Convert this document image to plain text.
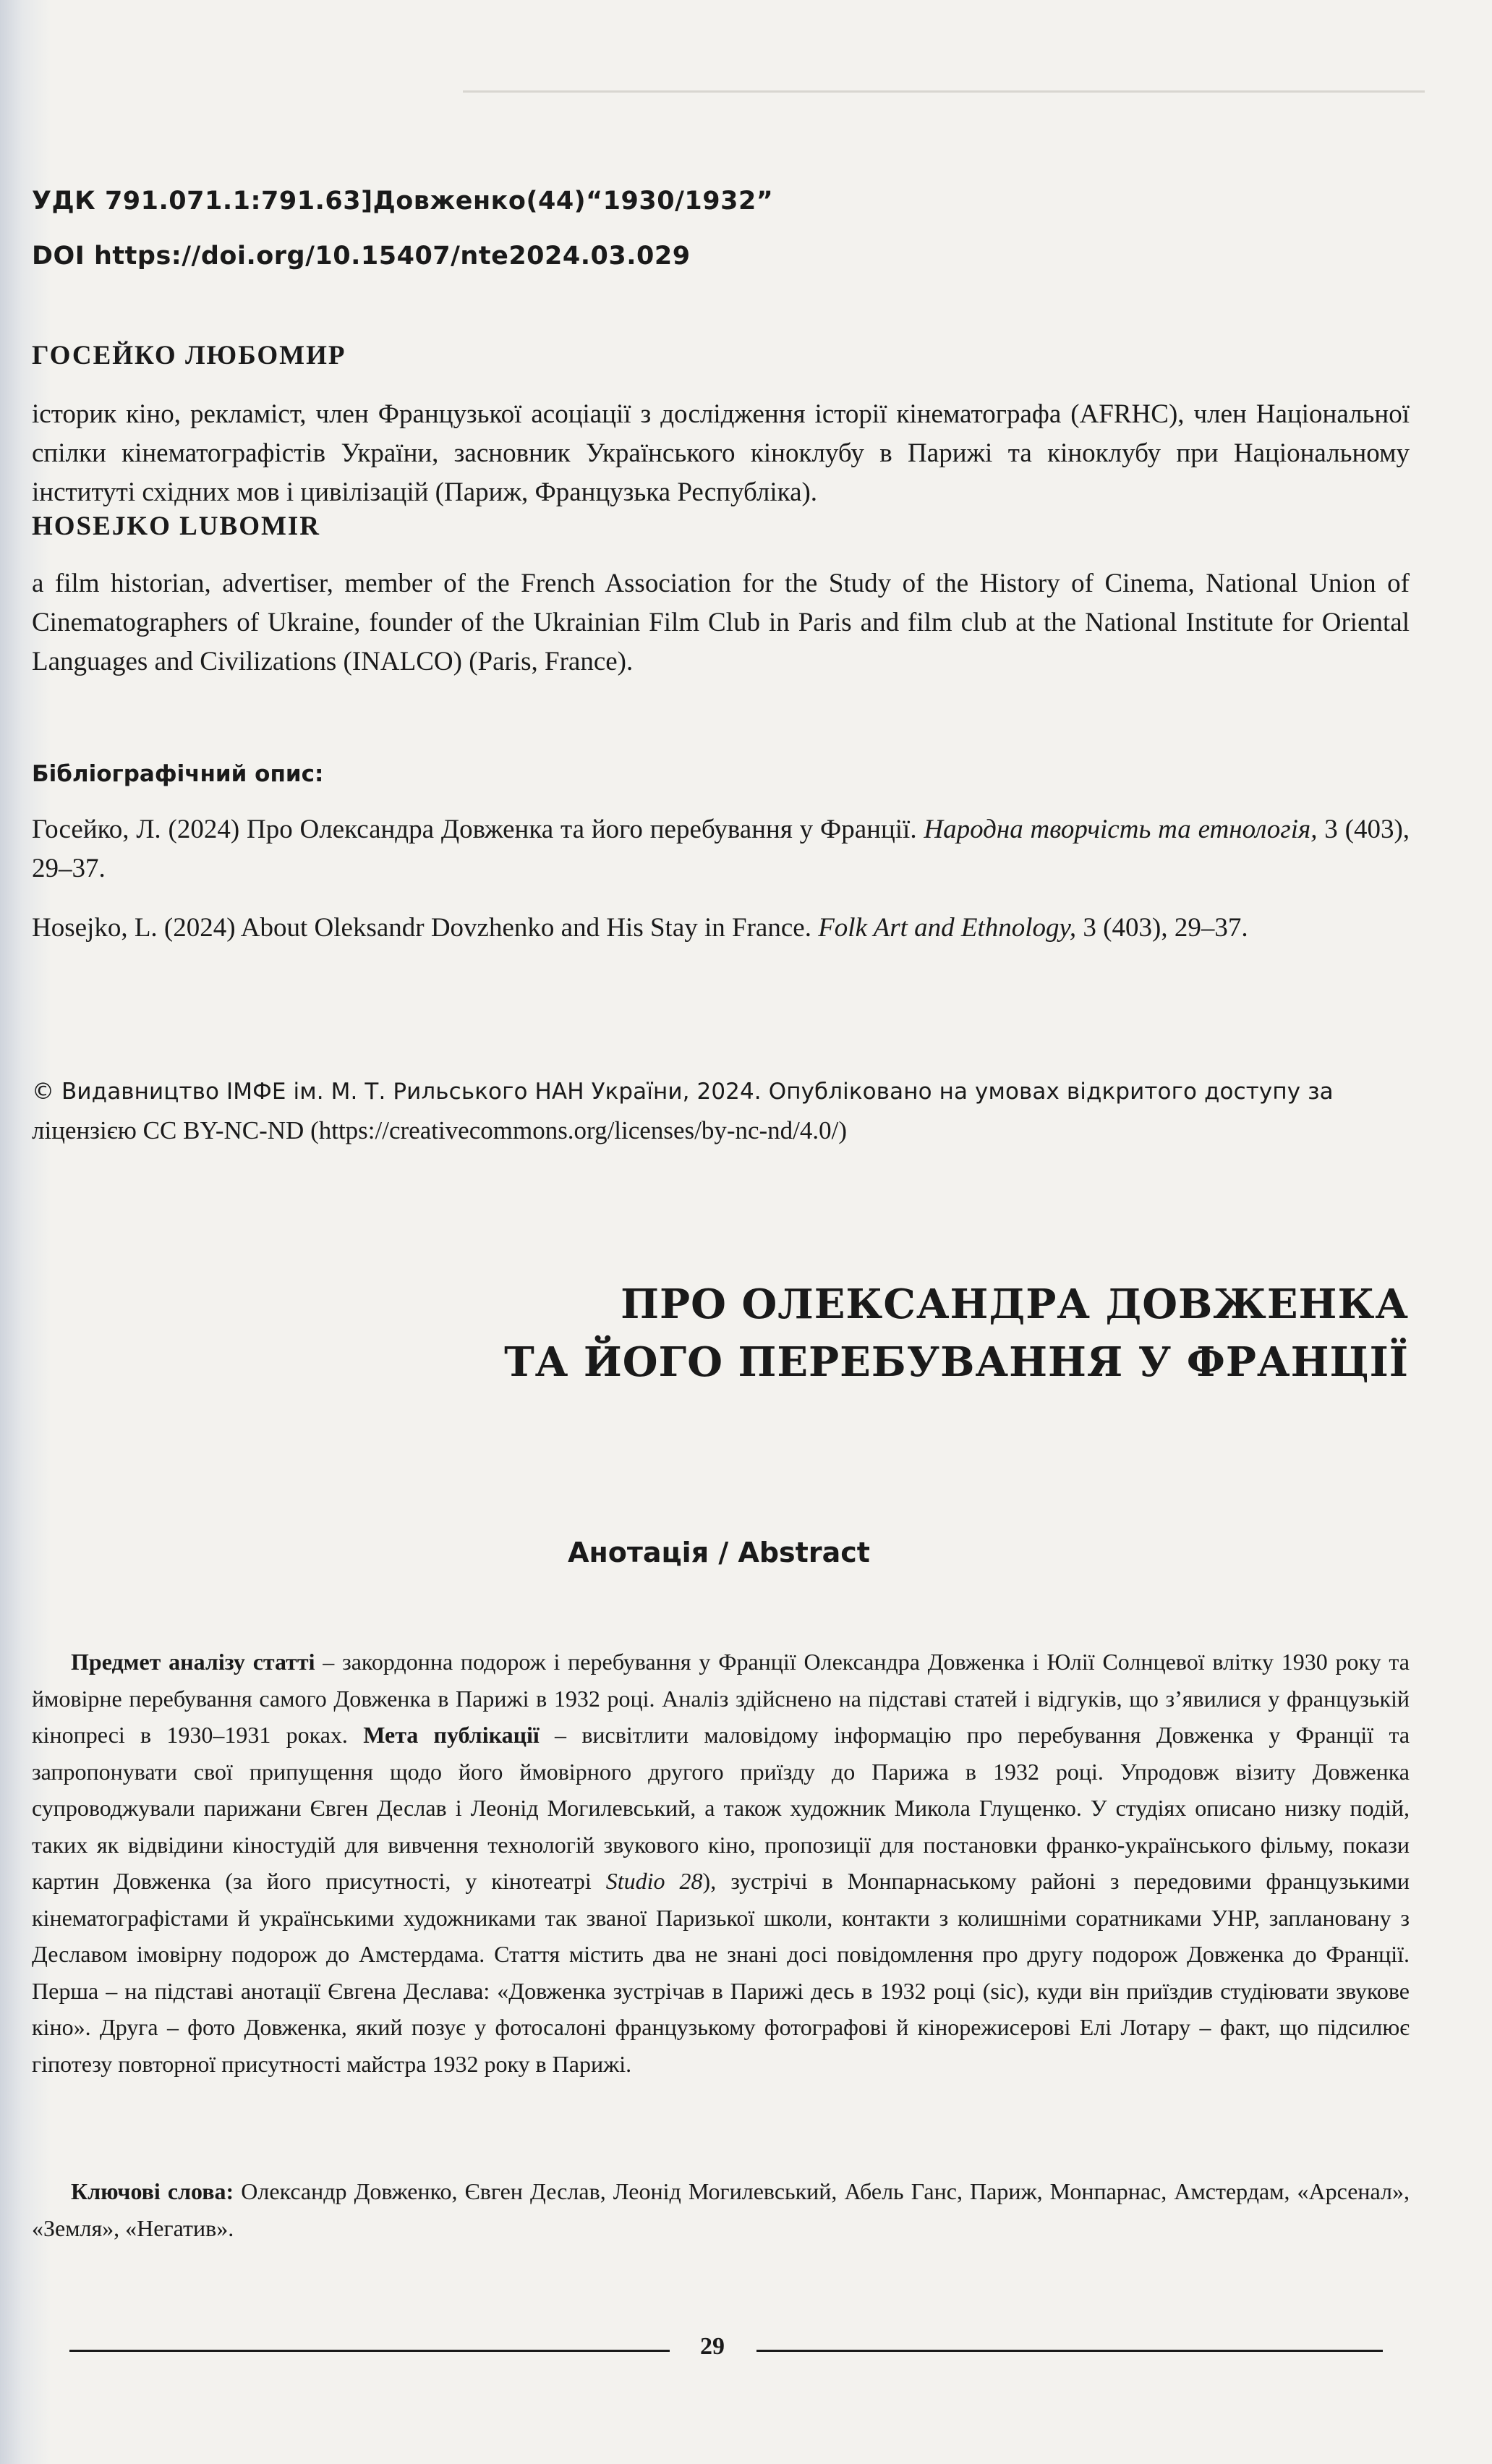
УДК 791.071.1:791.63]Довженко(44)“1930/1932”
DOI https://doi.org/10.15407/nte2024.03.029
ГОСЕЙКО ЛЮБОМИР
історик кіно, рекламіст, член Французької асоціації з дослідження історії кінематографа (AFRHC), член Національної спілки кінематографістів України, засновник Українського кіноклубу в Парижі та кіноклубу при Національному інституті східних мов і цивілізацій (Париж, Французька Республіка).
HOSEJKO LUBOMIR
a film historian, advertiser, member of the French Association for the Study of the History of Cinema, National Union of Cinematographers of Ukraine, founder of the Ukrainian Film Club in Paris and film club at the National Institute for Oriental Languages and Civilizations (INALCO) (Paris, France).
Бібліографічний опис:
Госейко, Л. (2024) Про Олександра Довженка та його перебування у Франції. Народна творчість та етнологія, 3 (403), 29–37.
Hosejko, L. (2024) About Oleksandr Dovzhenko and His Stay in France. Folk Art and Ethnology, 3 (403), 29–37.
© Видавництво ІМФЕ ім. М. Т. Рильського НАН України, 2024. Опубліковано на умовах відкритого доступу за
ліцензією CC BY-NC-ND (https://creativecommons.org/licenses/by-nc-nd/4.0/)
ПРО ОЛЕКСАНДРА ДОВЖЕНКА
ТА ЙОГО ПЕРЕБУВАННЯ У ФРАНЦІЇ
Анотація / Abstract
Предмет аналізу статті – закордонна подорож і перебування у Франції Олександра Довженка і Юлії Солнцевої влітку 1930 року та ймовірне перебування самого Довженка в Парижі в 1932 році. Аналіз здійснено на підставі статей і відгуків, що з’явилися у французькій кінопресі в 1930–1931 роках. Мета публікації – висвітлити маловідому інформацію про перебування Довженка у Франції та запропонувати свої припущення щодо його ймовірного другого приїзду до Парижа в 1932 році. Упродовж візиту Довженка супроводжували парижани Євген Деслав і Леонід Могилевський, а також художник Микола Глущенко. У студіях описано низку подій, таких як відвідини кіностудій для вивчення технологій звукового кіно, пропозиції для постановки франко-українського фільму, покази картин Довженка (за його присутності, у кінотеатрі Studio 28), зустрічі в Монпарнаському районі з передовими французькими кінематографістами й українськими художниками так званої Паризької школи, контакти з колишніми соратниками УНР, заплановану з Деславом імовірну подорож до Амстердама. Стаття містить два не знані досі повідомлення про другу подорож Довженка до Франції. Перша – на підставі анотації Євгена Деслава: «Довженка зустрічав в Парижі десь в 1932 році (sic), куди він приїздив студіювати звукове кіно». Друга – фото Довженка, який позує у фотосалоні французькому фотографові й кінорежисерові Елі Лотару – факт, що підсилює гіпотезу повторної присутності майстра 1932 року в Парижі.
Ключові слова: Олександр Довженко, Євген Деслав, Леонід Могилевський, Абель Ганс, Париж, Монпарнас, Амстердам, «Арсенал», «Земля», «Негатив».
29
